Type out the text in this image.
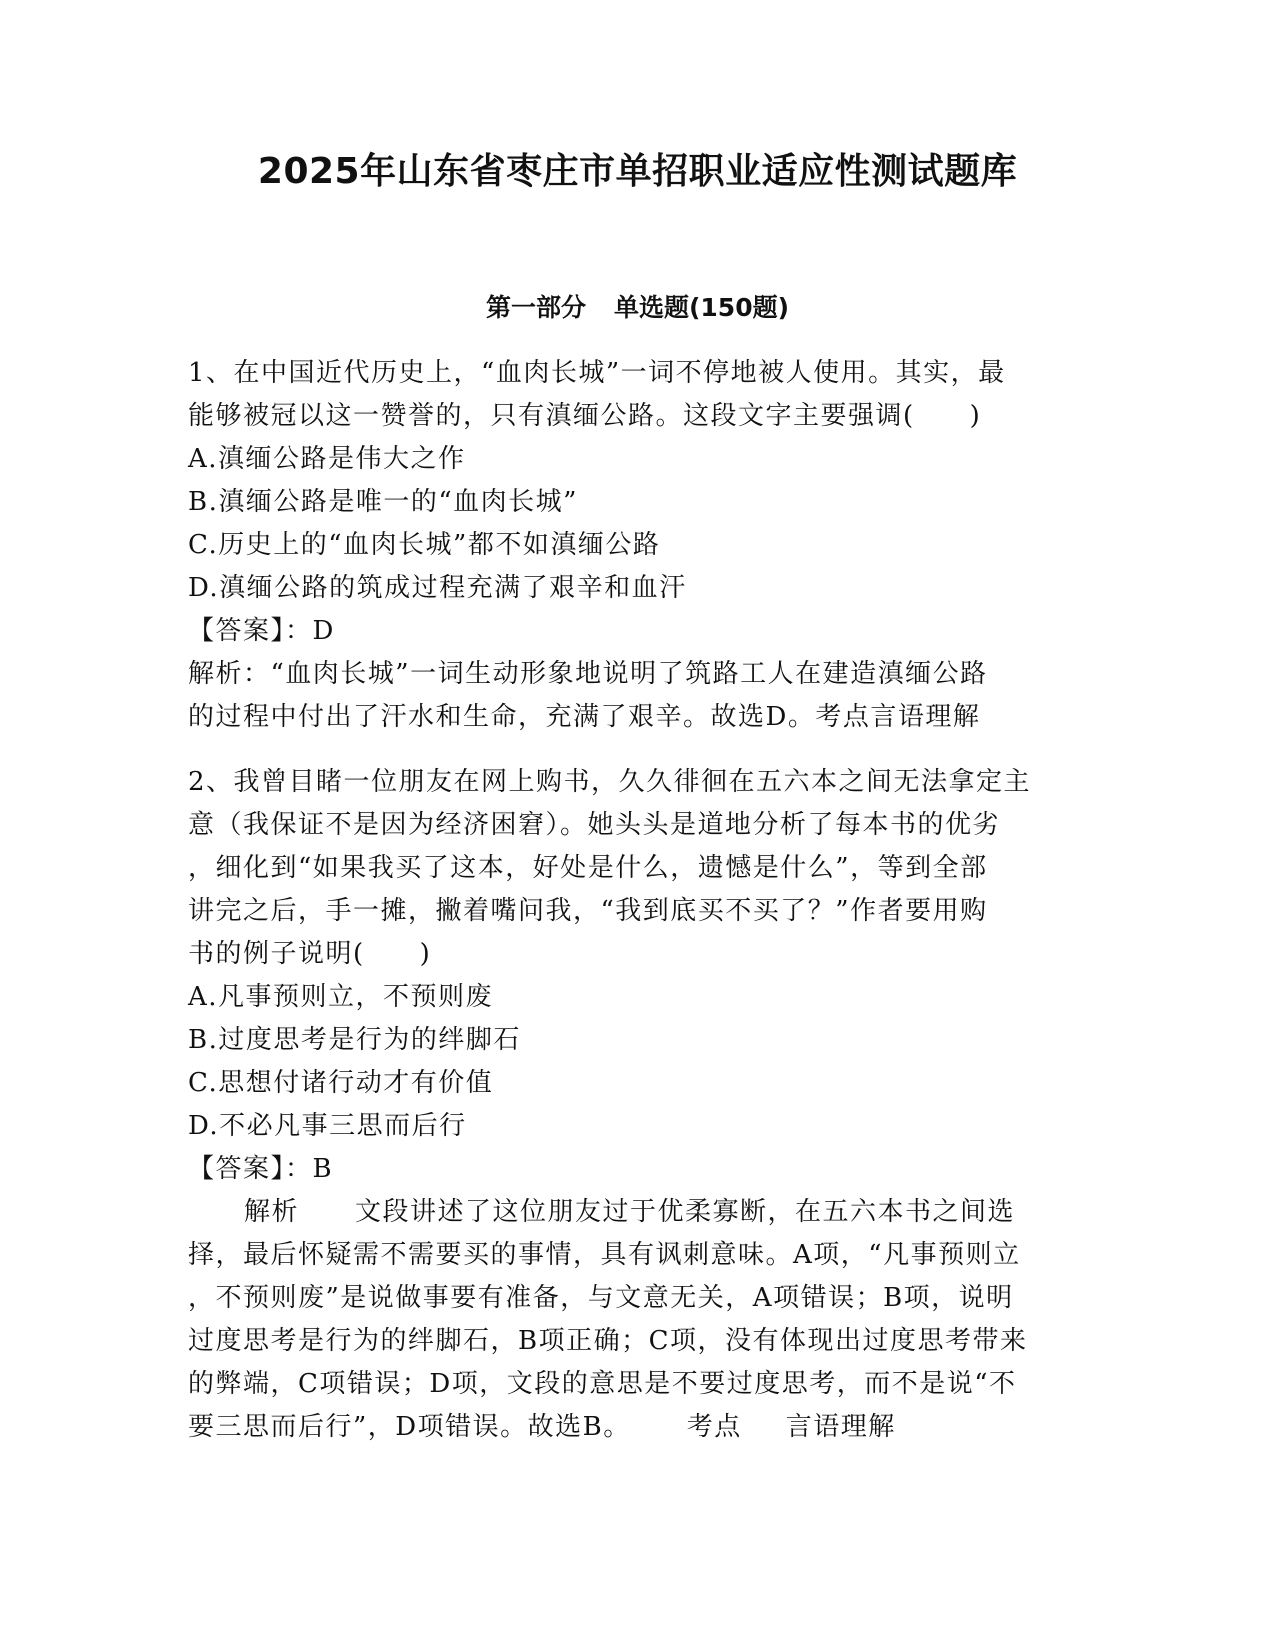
2025年山东省枣庄市单招职业适应性测试题库
第一部分 单选题(150题)
1、在中国近代历史上，“血肉长城”一词不停地被人使用。其实，最
能够被冠以这一赞誉的，只有滇缅公路。这段文字主要强调(　　)
A.滇缅公路是伟大之作
B.滇缅公路是唯一的“血肉长城”
C.历史上的“血肉长城”都不如滇缅公路
D.滇缅公路的筑成过程充满了艰辛和血汗
【答案】：D
解析：“血肉长城”一词生动形象地说明了筑路工人在建造滇缅公路
的过程中付出了汗水和生命，充满了艰辛。故选D。考点言语理解
2、我曾目睹一位朋友在网上购书，久久徘徊在五六本之间无法拿定主
意（我保证不是因为经济困窘）。她头头是道地分析了每本书的优劣
，细化到“如果我买了这本，好处是什么，遗憾是什么”，等到全部
讲完之后，手一摊，撇着嘴问我，“我到底买不买了？”作者要用购
书的例子说明(　　)
A.凡事预则立，不预则废
B.过度思考是行为的绊脚石
C.思想付诸行动才有价值
D.不必凡事三思而后行
【答案】：B
解析 文段讲述了这位朋友过于优柔寡断，在五六本书之间选
择，最后怀疑需不需要买的事情，具有讽刺意味。A项，“凡事预则立
，不预则废”是说做事要有准备，与文意无关，A项错误；B项，说明
过度思考是行为的绊脚石，B项正确；C项，没有体现出过度思考带来
的弊端，C项错误；D项，文段的意思是不要过度思考，而不是说“不
要三思而后行”，D项错误。故选B。 考点 言语理解
